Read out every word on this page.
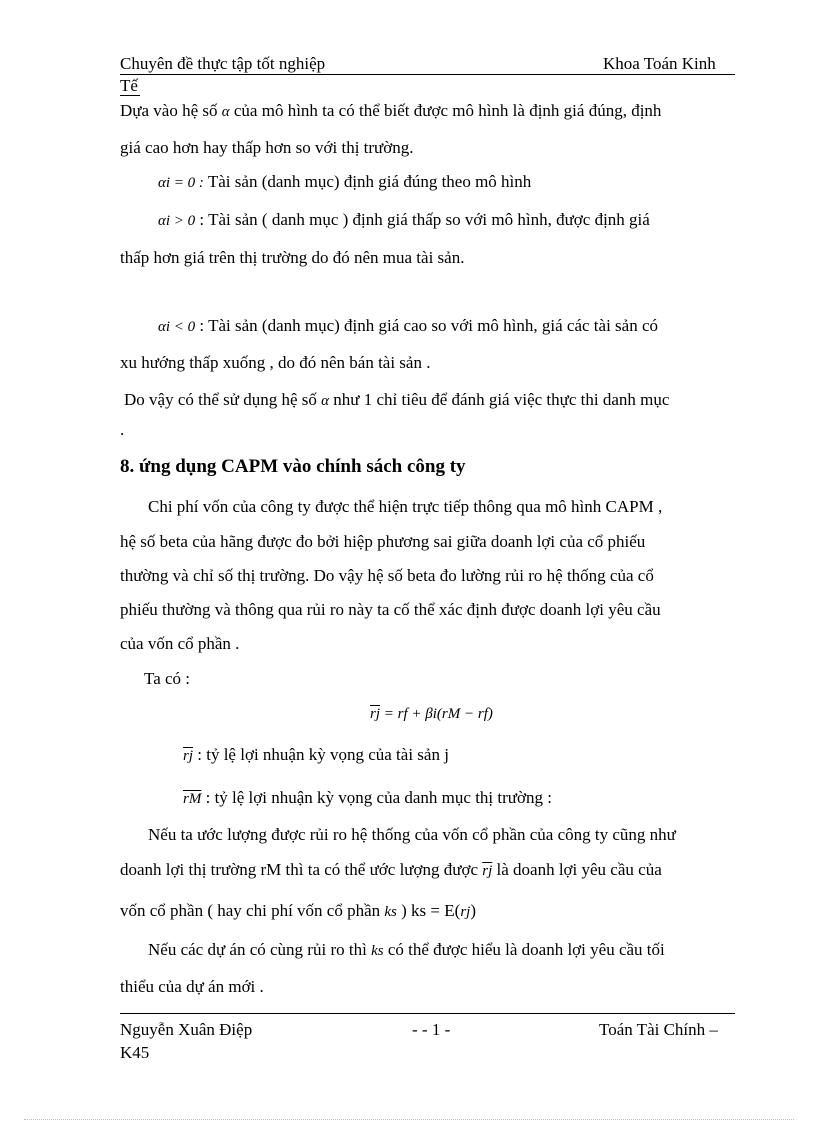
Chuyên đề thực tập tốt nghiệp	Khoa Toán Kinh
Tế
Dựa vào hệ số α của mô hình ta có thể biết được mô hình là định giá đúng, định
giá cao hơn hay thấp hơn so với thị trường.
αi = 0 : Tài sản (danh mục) định giá đúng theo mô hình
αi > 0 : Tài sản ( danh mục ) định giá thấp so với mô hình, được định giá
thấp hơn giá trên thị trường do đó nên mua tài sản.
αi < 0 : Tài sản (danh mục) định giá cao so với mô hình, giá các tài sản có
xu hướng thấp xuống , do đó nên bán tài sản .
Do vậy có thể sử dụng hệ số α như 1 chỉ tiêu để đánh giá việc thực thi danh mục
.
8. ứng dụng CAPM vào chính sách công ty
Chi phí vốn của công ty được thể hiện trực tiếp thông qua mô hình CAPM ,
hệ số beta của hãng được đo bởi hiệp phương sai giữa doanh lợi của cổ phiếu
thường và chỉ số thị trường. Do vậy hệ số beta đo lường rủi ro hệ thống của cổ
phiếu thường và thông qua rủi ro này ta cố thể xác định được doanh lợi yêu cầu
của vốn cổ phần .
Ta có :
$\overline{rj}$ = rf + βi(rM − rf)
$\overline{rj}$ : tỷ lệ lợi nhuận kỳ vọng của tài sản j
$\overline{rM}$ : tỷ lệ lợi nhuận kỳ vọng của danh mục thị trường :
Nếu ta ước lượng được rủi ro hệ thống của vốn cổ phần của công ty cũng như
doanh lợi thị trường rM thì ta có thể ước lượng được $\overline{rj}$ là doanh lợi yêu cầu của
vốn cổ phần ( hay chi phí vốn cổ phần ks ) ks = E(rj)
Nếu các dự án có cùng rủi ro thì ks có thể được hiểu là doanh lợi yêu cầu tối
thiểu của dự án mới .
Nguyễn Xuân Điệp	- - 1 -	Toán Tài Chính –
K45
